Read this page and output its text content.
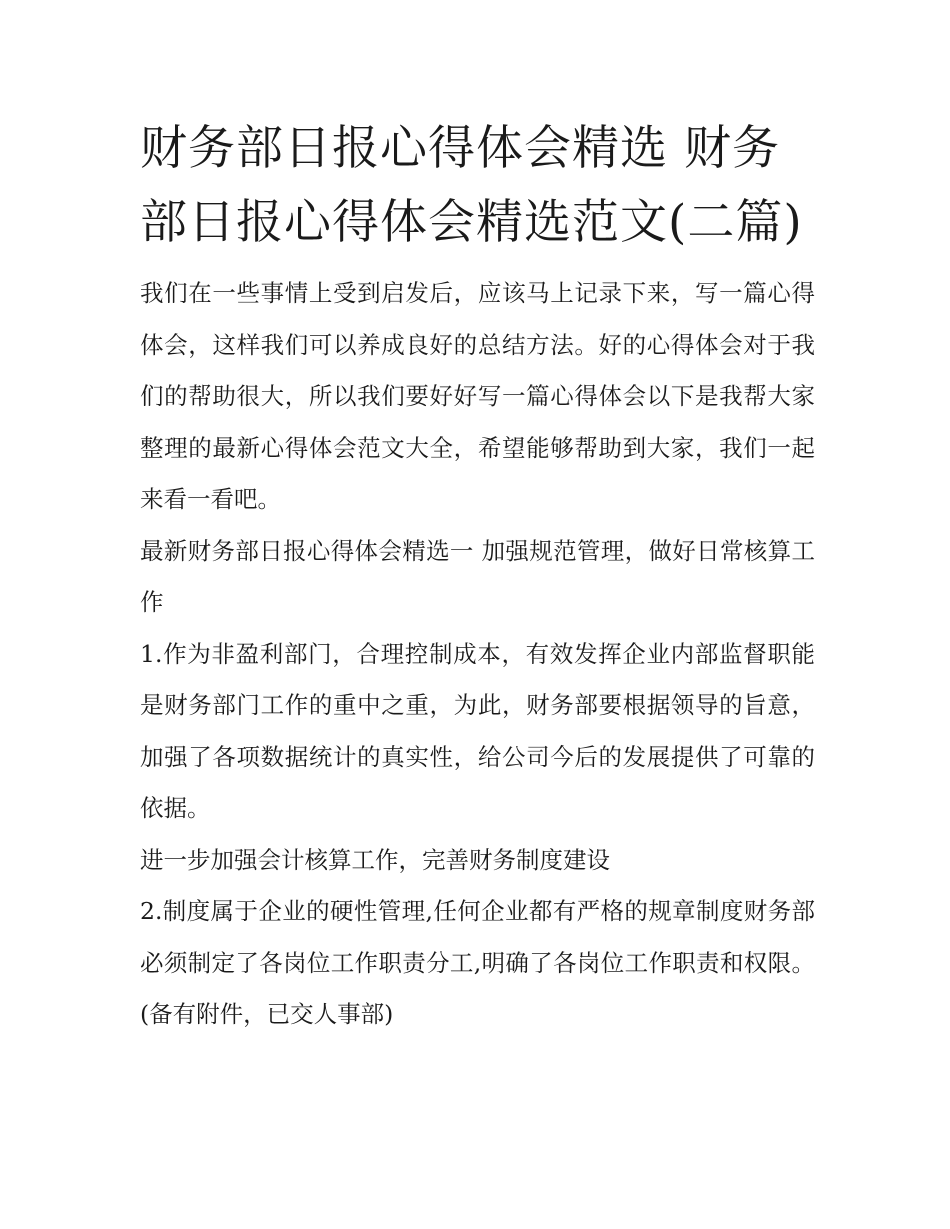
财务部日报心得体会精选 财务部日报心得体会精选范文(二篇)

我们在一些事情上受到启发后，应该马上记录下来，写一篇心得体会，这样我们可以养成良好的总结方法。好的心得体会对于我们的帮助很大，所以我们要好好写一篇心得体会以下是我帮大家整理的最新心得体会范文大全，希望能够帮助到大家，我们一起来看一看吧。

最新财务部日报心得体会精选一 加强规范管理，做好日常核算工作

1.作为非盈利部门，合理控制成本，有效发挥企业内部监督职能是财务部门工作的重中之重，为此，财务部要根据领导的旨意，加强了各项数据统计的真实性，给公司今后的发展提供了可靠的依据。

进一步加强会计核算工作，完善财务制度建设

2.制度属于企业的硬性管理,任何企业都有严格的规章制度财务部必须制定了各岗位工作职责分工,明确了各岗位工作职责和权限。(备有附件，已交人事部)
